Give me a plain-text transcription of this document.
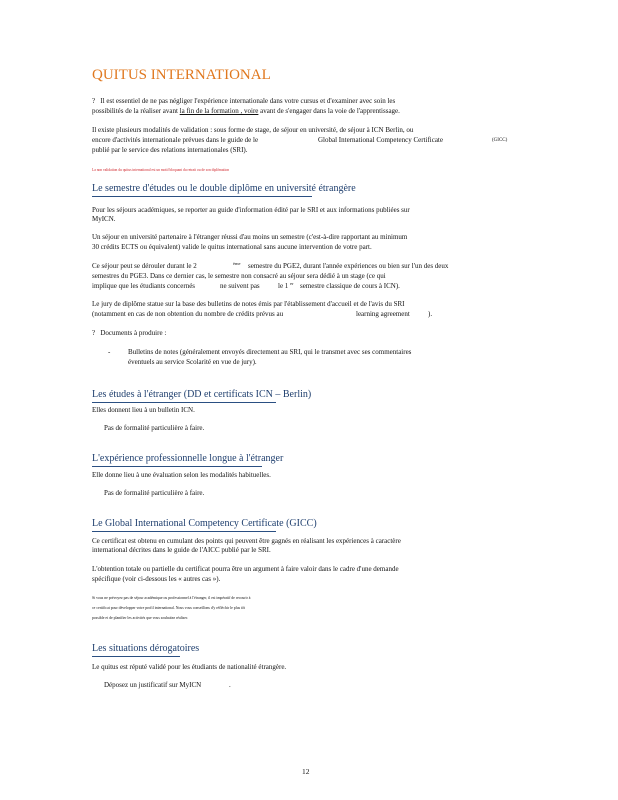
QUITUS INTERNATIONAL
? Il est essentiel de ne pas négliger l'expérience internationale dans votre cursus et d'examiner avec soin les
possibilités de la réaliser avant la fin de la formation , voire avant de s'engager dans la voie de l'apprentissage.
Il existe plusieurs modalités de validation : sous forme de stage, de séjour en université, de séjour à ICN Berlin, ou
encore d'activités internationale prévues dans le guide de le	Global International Competency Certificate	(GICC)
publié par le service des relations internationales (SRI).
La non validation du quitus international est un motif bloquant du retrait ou de son diplômation
Le semestre d'études ou le double diplôme en université étrangère
Pour les séjours académiques, se reporter au guide d'information édité par le SRI et aux informations publiées sur
MyICN.
Un séjour en université partenaire à l'étranger réussi d'au moins un semestre (c'est-à-dire rapportant au minimum
30 crédits ECTS ou équivalent) valide le quitus international sans aucune intervention de votre part.
Ce séjour peut se dérouler durant le 2	ème semestre du PGE2, durant l'année expériences ou bien sur l'un des deux
semestres du PGE3. Dans ce dernier cas, le semestre non consacré au séjour sera dédié à un stage (ce qui
implique que les étudiants concernés	ne suivent pas	le 1 er semestre classique de cours à ICN).
Le jury de diplôme statue sur la base des bulletins de notes émis par l'établissement d'accueil et de l'avis du SRI
(notamment en cas de non obtention du nombre de crédits prévus au	learning agreement	).
? Documents à produire :
-	Bulletins de notes (généralement envoyés directement au SRI, qui le transmet avec ses commentaires
éventuels au service Scolarité en vue de jury).
Les études à l'étranger (DD et certificats ICN – Berlin)
Elles donnent lieu à un bulletin ICN.
Pas de formalité particulière à faire.
L'expérience professionnelle longue à l'étranger
Elle donne lieu à une évaluation selon les modalités habituelles.
Pas de formalité particulière à faire.
Le Global International Competency Certificate (GICC)
Ce certificat est obtenu en cumulant des points qui peuvent être gagnés en réalisant les expériences à caractère
international décrites dans le guide de l'AICC publié par le SRI.
L'obtention totale ou partielle du certificat pourra être un argument à faire valoir dans le cadre d'une demande
spécifique (voir ci-dessous les « autres cas »).
Si vous ne prévoyez pas de séjour académique ou professionnel à l'étranger, il est impératif de recourir à
ce certificat pour développer votre profil international. Nous vous conseillons d'y réfléchir le plus tôt
possible et de planifier les activités que vous souhaitez réaliser.
Les situations dérogatoires
Le quitus est réputé validé pour les étudiants de nationalité étrangère.
Déposez un justificatif sur MyICN	.
12
